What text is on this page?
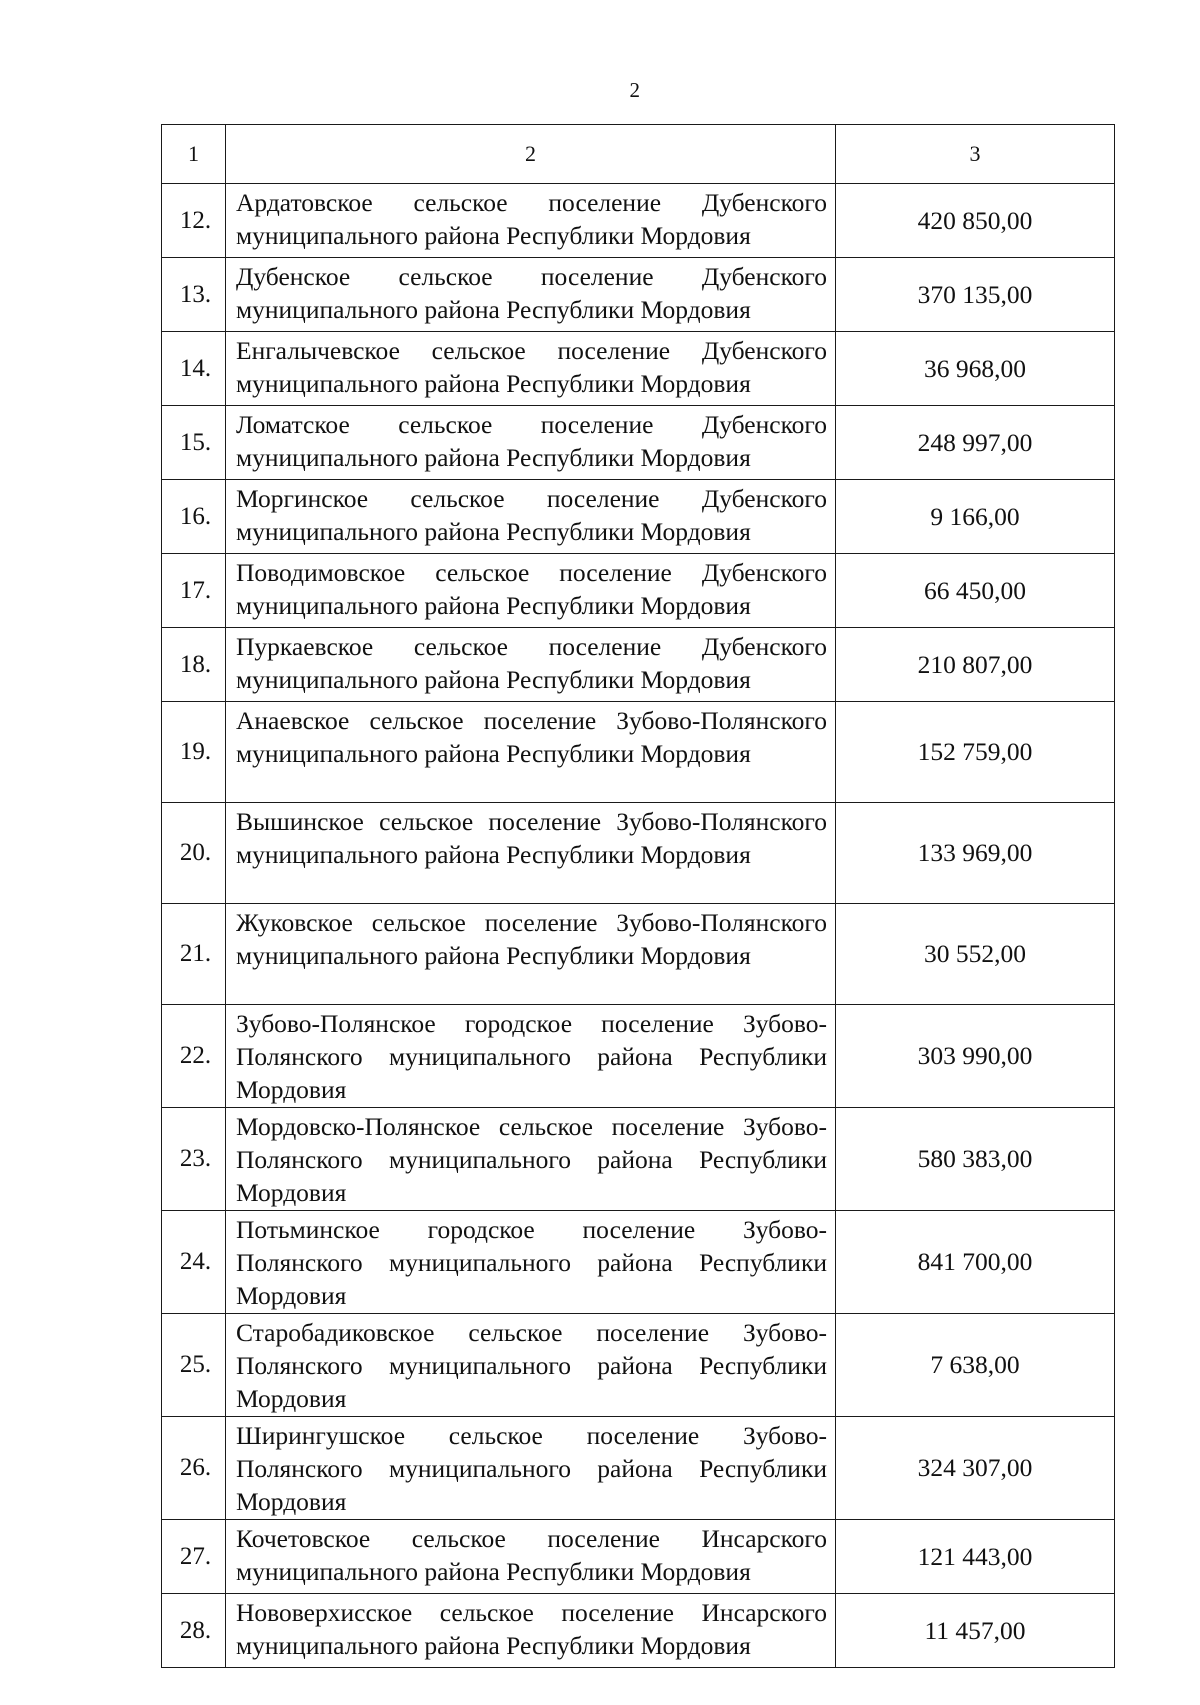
2
1	2	3
12.	Ардатовское сельское поселение Дубенского муниципального района Республики Мордовия	420 850,00
13.	Дубенское сельское поселение Дубенского муниципального района Республики Мордовия	370 135,00
14.	Енгалычевское сельское поселение Дубенского муниципального района Республики Мордовия	36 968,00
15.	Ломатское сельское поселение Дубенского муниципального района Республики Мордовия	248 997,00
16.	Моргинское сельское поселение Дубенского муниципального района Республики Мордовия	9 166,00
17.	Поводимовское сельское поселение Дубенского муниципального района Республики Мордовия	66 450,00
18.	Пуркаевское сельское поселение Дубенского муниципального района Республики Мордовия	210 807,00
19.	Анаевское сельское поселение Зубово-Полянского муниципального района Республики Мордовия	152 759,00
20.	Вышинское сельское поселение Зубово-Полянского муниципального района Республики Мордовия	133 969,00
21.	Жуковское сельское поселение Зубово-Полянского муниципального района Республики Мордовия	30 552,00
22.	Зубово-Полянское городское поселение Зубово-Полянского муниципального района Республики Мордовия	303 990,00
23.	Мордовско-Полянское сельское поселение Зубово-Полянского муниципального района Республики Мордовия	580 383,00
24.	Потьминское городское поселение Зубово-Полянского муниципального района Республики Мордовия	841 700,00
25.	Старобадиковское сельское поселение Зубово-Полянского муниципального района Республики Мордовия	7 638,00
26.	Ширингушское сельское поселение Зубово-Полянского муниципального района Республики Мордовия	324 307,00
27.	Кочетовское сельское поселение Инсарского муниципального района Республики Мордовия	121 443,00
28.	Нововерхисское сельское поселение Инсарского муниципального района Республики Мордовия	11 457,00
